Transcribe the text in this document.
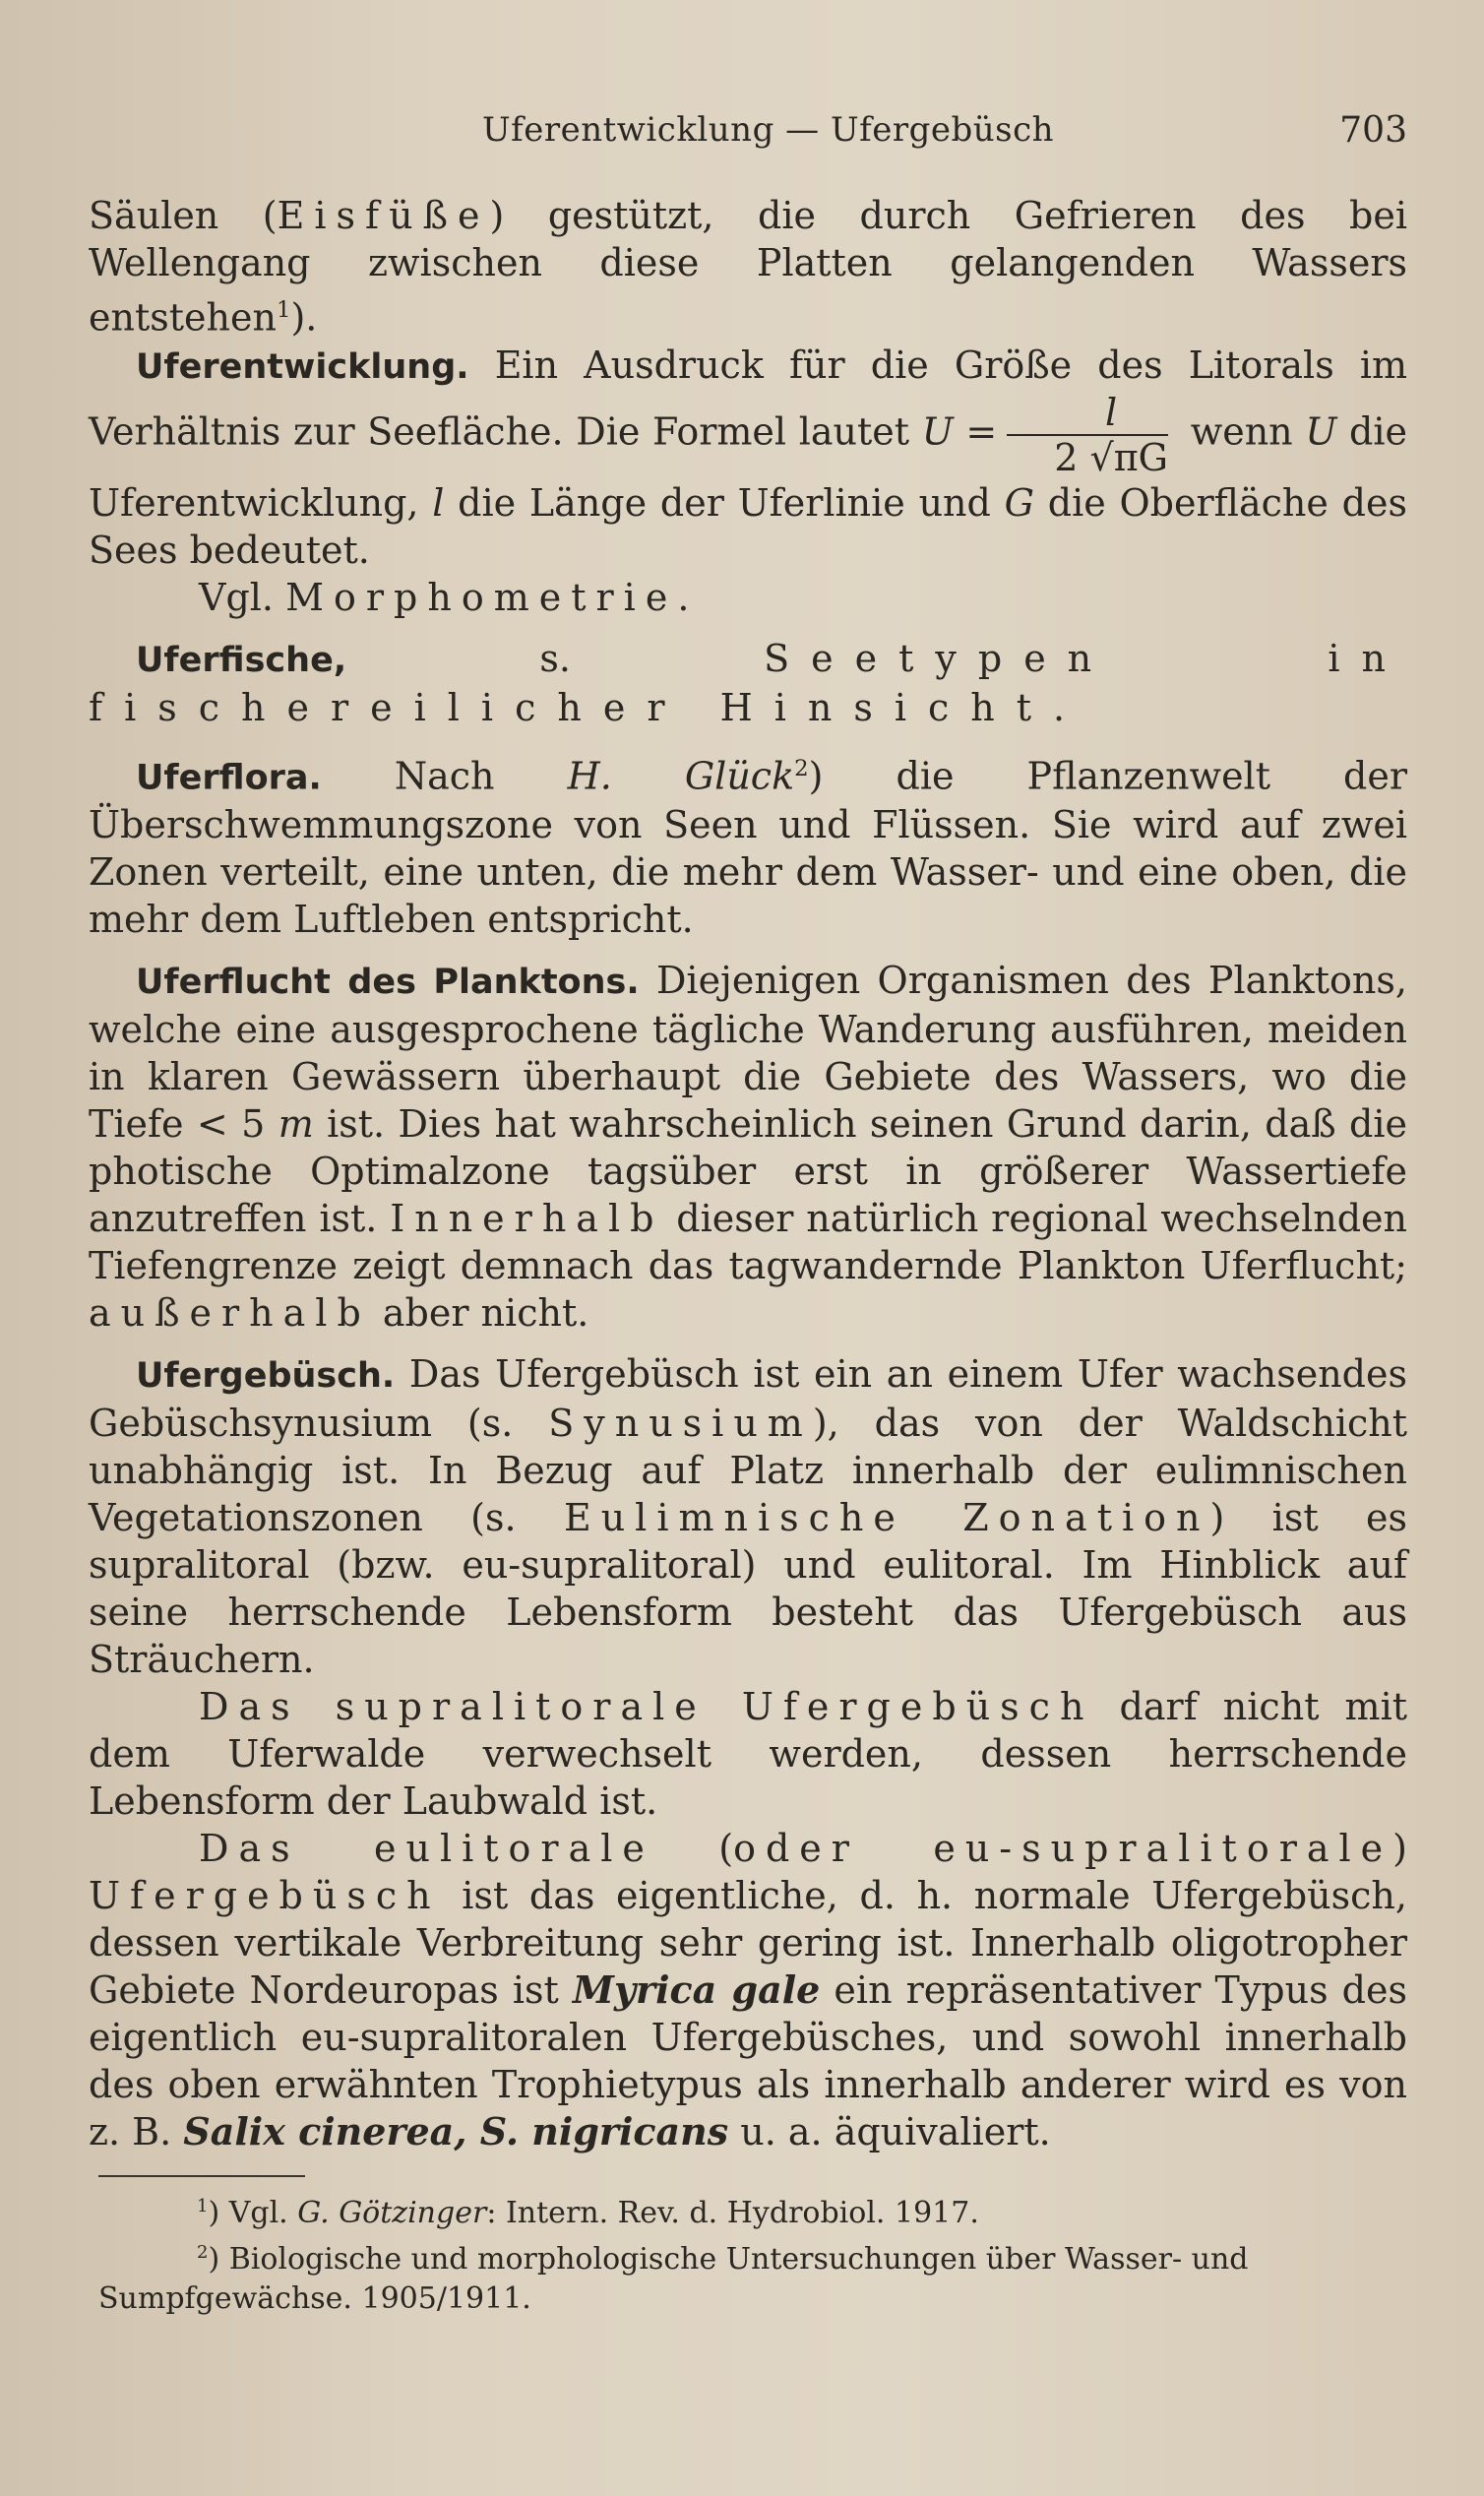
Uferentwicklung — Ufergebüsch	703

Säulen (Eisfüße) gestützt, die durch Gefrieren des bei Wellengang zwischen diese Platten gelangenden Wassers entstehen$^1$).

Uferentwicklung. Ein Ausdruck für die Größe des Litorals im Verhältnis zur Seefläche. Die Formel lautet $U = \frac{l}{2 √\pi G}$ wenn U die Uferentwicklung, l die Länge der Uferlinie und G die Oberfläche des Sees bedeutet.

Vgl. Morphometrie.

Uferfische, s. Seetypen in fischereilicher Hinsicht.

Uferflora. Nach H. Glück$^2$) die Pflanzenwelt der Überschwemmungszone von Seen und Flüssen. Sie wird auf zwei Zonen verteilt, eine unten, die mehr dem Wasser- und eine oben, die mehr dem Luftleben entspricht.

Uferflucht des Planktons. Diejenigen Organismen des Planktons, welche eine ausgesprochene tägliche Wanderung ausführen, meiden in klaren Gewässern überhaupt die Gebiete des Wassers, wo die Tiefe < 5 m ist. Dies hat wahrscheinlich seinen Grund darin, daß die photische Optimalzone tagsüber erst in größerer Wassertiefe anzutreffen ist. Innerhalb dieser natürlich regional wechselnden Tiefengrenze zeigt demnach das tagwandernde Plankton Uferflucht; außerhalb aber nicht.

Ufergebüsch. Das Ufergebüsch ist ein an einem Ufer wachsendes Gebüschsynusium (s. Synusium), das von der Waldschicht unabhängig ist. In Bezug auf Platz innerhalb der eulimnischen Vegetationszonen (s. Eulimnische Zonation) ist es supralitoral (bzw. eu-supralitoral) und eulitoral. Im Hinblick auf seine herrschende Lebensform besteht das Ufergebüsch aus Sträuchern.

Das supralitorale Ufergebüsch darf nicht mit dem Uferwalde verwechselt werden, dessen herrschende Lebensform der Laubwald ist.

Das eulitorale (oder eu-supralitorale) Ufergebüsch ist das eigentliche, d. h. normale Ufergebüsch, dessen vertikale Verbreitung sehr gering ist. Innerhalb oligotropher Gebiete Nordeuropas ist Myrica gale ein repräsentativer Typus des eigentlich eu-supralitoralen Ufergebüsches, und sowohl innerhalb des oben erwähnten Trophietypus als innerhalb anderer wird es von z. B. Salix cinerea, S. nigricans u. a. äquivaliert.

$^1$) Vgl. G. Götzinger: Intern. Rev. d. Hydrobiol. 1917.

$^2$) Biologische und morphologische Untersuchungen über Wasser- und Sumpfgewächse. 1905/1911.
